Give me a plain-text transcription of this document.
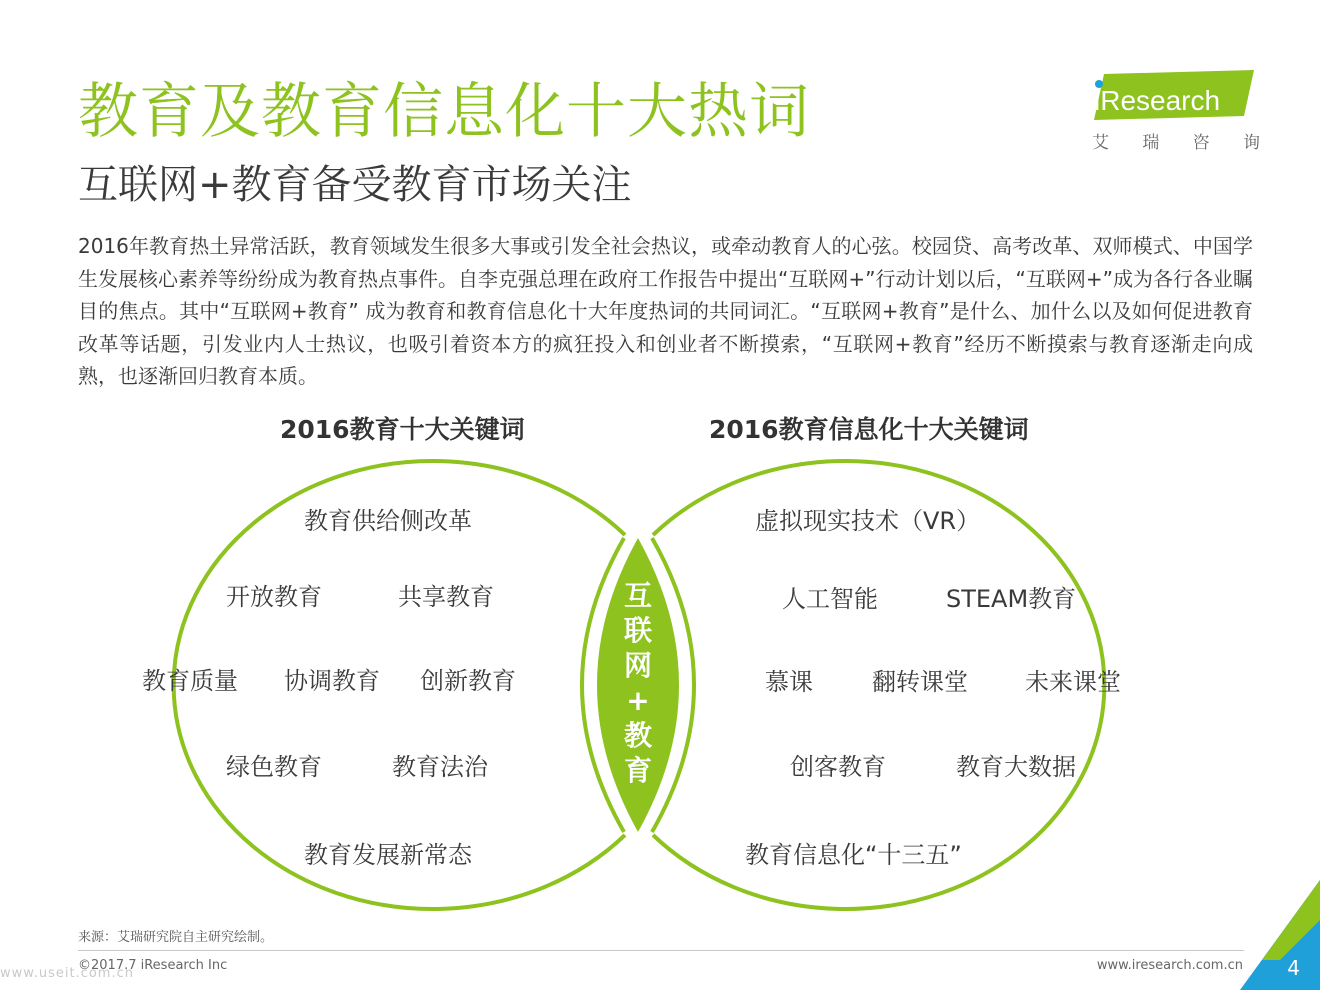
教育及教育信息化十大热词
互联网+教育备受教育市场关注
iResearch
艾 瑞 咨 询

2016年教育热土异常活跃，教育领域发生很多大事或引发全社会热议，或牵动教育人的心弦。校园贷、高考改革、双师模式、中国学生发展核心素养等纷纷成为教育热点事件。自李克强总理在政府工作报告中提出“互联网+”行动计划以后，“互联网+”成为各行各业瞩目的焦点。其中“互联网+教育” 成为教育和教育信息化十大年度热词的共同词汇。“互联网+教育”是什么、加什么以及如何促进教育改革等话题，引发业内人士热议，也吸引着资本方的疯狂投入和创业者不断摸索，“互联网+教育”经历不断摸索与教育逐渐走向成熟，也逐渐回归教育本质。

2016教育十大关键词	2016教育信息化十大关键词
互
联
网
+
教
育
教育供给侧改革
开放教育	共享教育
教育质量 协调教育 创新教育
绿色教育	教育法治
教育发展新常态
虚拟现实技术（VR）
人工智能	STEAM教育
慕课 翻转课堂 未来课堂
创客教育	教育大数据
教育信息化“十三五”
来源：艾瑞研究院自主研究绘制。
www.useit.com.cn
©2017.7 iResearch Inc	www.iresearch.com.cn 4
